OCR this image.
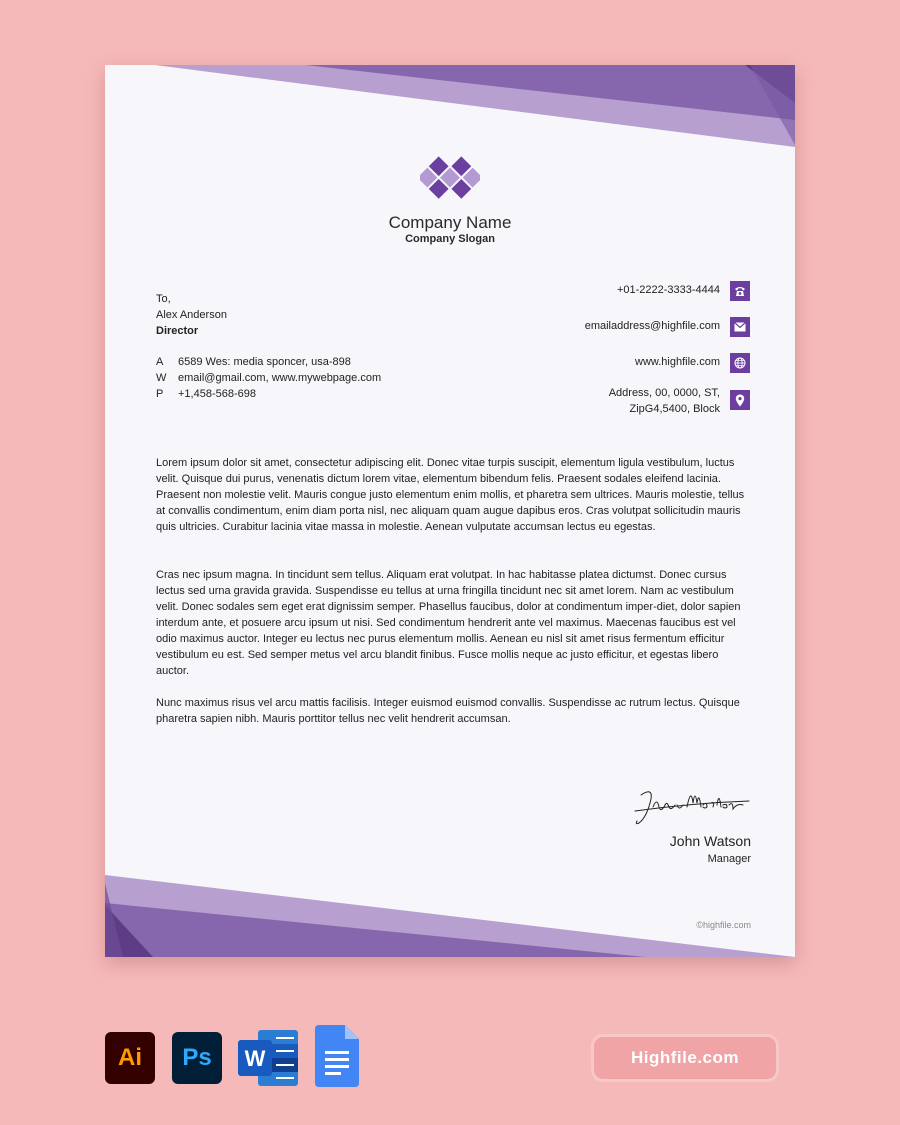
Company Name
Company Slogan
To,
Alex Anderson
Director
A 6589 Wes: media sponcer, usa-898
W email@gmail.com, www.mywebpage.com
P +1,458-568-698
+01-2222-3333-4444
emailaddress@highfile.com
www.highfile.com
Address, 00, 0000, ST,
ZipG4,5400, Block
Lorem ipsum dolor sit amet, consectetur adipiscing elit. Donec vitae turpis suscipit, elementum ligula vestibulum, luctus velit. Quisque dui purus, venenatis dictum lorem vitae, elementum bibendum felis. Praesent sodales eleifend lacinia. Praesent non molestie velit. Mauris congue justo elementum enim mollis, et pharetra sem ultrices. Mauris molestie, tellus at convallis condimentum, enim diam porta nisl, nec aliquam quam augue dapibus eros. Cras volutpat sollicitudin mauris quis ultricies. Curabitur lacinia vitae massa in molestie. Aenean vulputate accumsan lectus eu egestas.
Cras nec ipsum magna. In tincidunt sem tellus. Aliquam erat volutpat. In hac habitasse platea dictumst. Donec cursus lectus sed urna gravida gravida. Suspendisse eu tellus at urna fringilla tincidunt nec sit amet lorem. Nam ac vestibulum velit. Donec sodales sem eget erat dignissim semper. Phasellus faucibus, dolor at condimentum imper-diet, dolor sapien interdum ante, et posuere arcu ipsum ut nisi. Sed condimentum hendrerit ante vel maximus. Maecenas faucibus est vel odio maximus auctor. Integer eu lectus nec purus elementum mollis. Aenean eu nisl sit amet risus fermentum efficitur vestibulum eu est. Sed semper metus vel arcu blandit finibus. Fusce mollis neque ac justo efficitur, et egestas libero auctor.
Nunc maximus risus vel arcu mattis facilisis. Integer euismod euismod convallis. Suspendisse ac rutrum lectus. Quisque pharetra sapien nibh. Mauris porttitor tellus nec velit hendrerit accumsan.
John Watson
Manager
©highfile.com
Ai	Ps	W	Highfile.com
